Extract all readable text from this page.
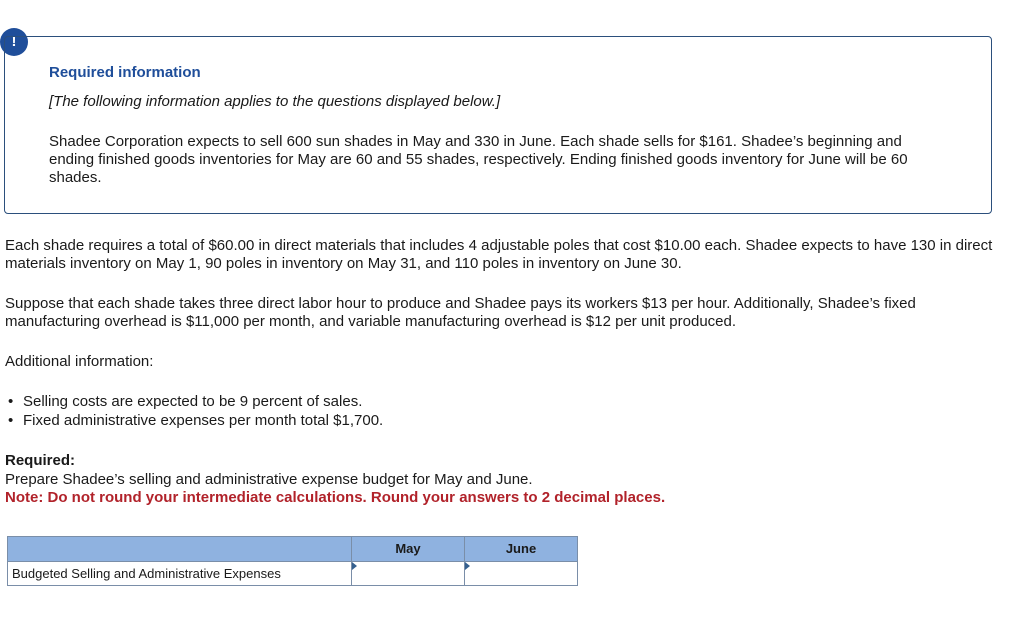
!
Required information
[The following information applies to the questions displayed below.]
Shadee Corporation expects to sell 600 sun shades in May and 330 in June. Each shade sells for $161. Shadee’s beginning and ending finished goods inventories for May are 60 and 55 shades, respectively. Ending finished goods inventory for June will be 60 shades.
Each shade requires a total of $60.00 in direct materials that includes 4 adjustable poles that cost $10.00 each. Shadee expects to have 130 in direct materials inventory on May 1, 90 poles in inventory on May 31, and 110 poles in inventory on June 30.
Suppose that each shade takes three direct labor hour to produce and Shadee pays its workers $13 per hour. Additionally, Shadee’s fixed manufacturing overhead is $11,000 per month, and variable manufacturing overhead is $12 per unit produced.
Additional information:
• Selling costs are expected to be 9 percent of sales.
• Fixed administrative expenses per month total $1,700.
Required:
Prepare Shadee’s selling and administrative expense budget for May and June.
Note: Do not round your intermediate calculations. Round your answers to 2 decimal places.
	May	June
Budgeted Selling and Administrative Expenses	
